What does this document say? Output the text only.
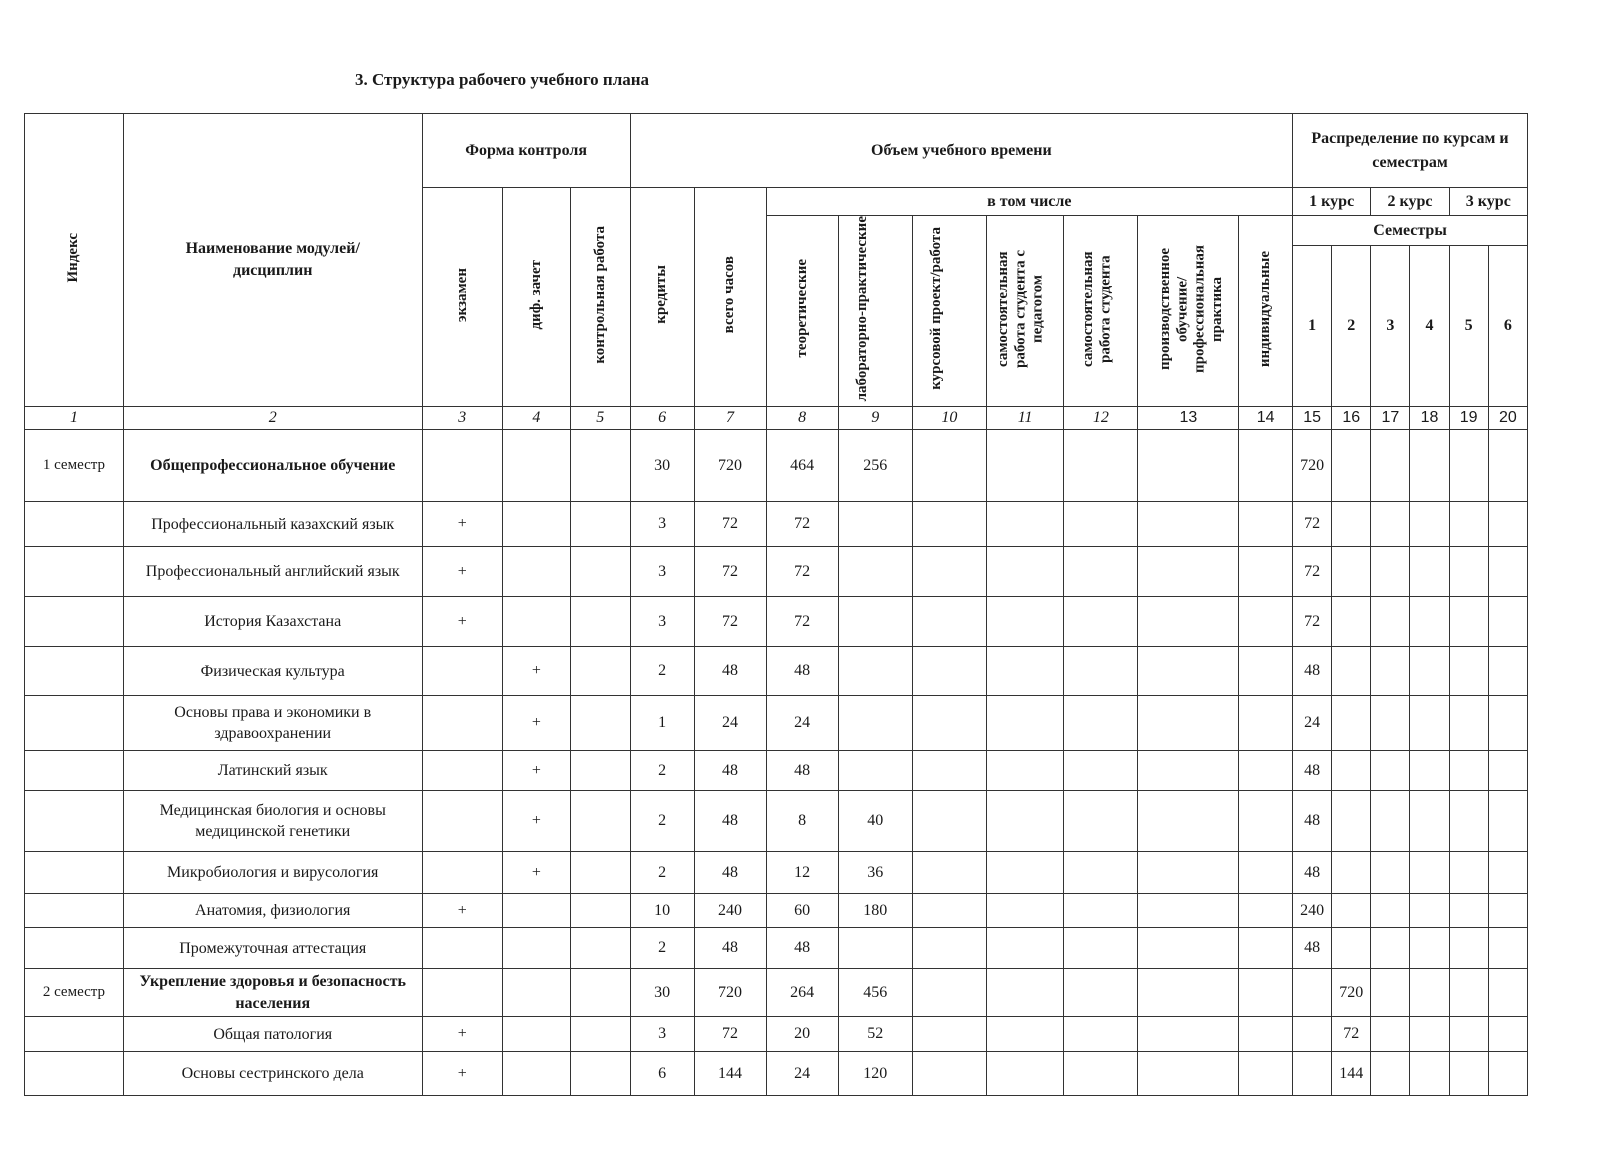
3. Структура рабочего учебного плана
Индекс	Наименование модулей/ дисциплин	Форма контроля			Объем учебного времени									Распределение по курсам и семестрам					
		экзамен	диф. зачет	контрольная работа	кредиты	всего часов	в том числе							1 курс		2 курс		3 курс	
							теоретические	лабораторно-практические	курсовой проект/работа	самостоятельная работа студента с педагогом	самостоятельная работа студента	производственное обучение/ профессиональная практика	индивидуальные	Семестры					
														1	2	3	4	5	6
1	2	3	4	5	6	7	8	9	10	11	12	13	14	15	16	17	18	19	20
1 семестр	Общепрофессиональное обучение				30	720	464	256						720					
	Профессиональный казахский язык	+			3	72	72							72					
	Профессиональный английский язык	+			3	72	72							72					
	История Казахстана	+			3	72	72							72					
	Физическая культура		+		2	48	48							48					
	Основы права и экономики в здравоохранении		+		1	24	24							24					
	Латинский язык		+		2	48	48							48					
	Медицинская биология и основы медицинской генетики		+		2	48	8	40						48					
	Микробиология и вирусология		+		2	48	12	36						48					
	Анатомия, физиология	+			10	240	60	180						240					
	Промежуточная аттестация				2	48	48							48					
2 семестр	Укрепление здоровья и безопасность населения				30	720	264	456							720				
	Общая патология	+			3	72	20	52							72				
	Основы сестринского дела	+			6	144	24	120							144				
